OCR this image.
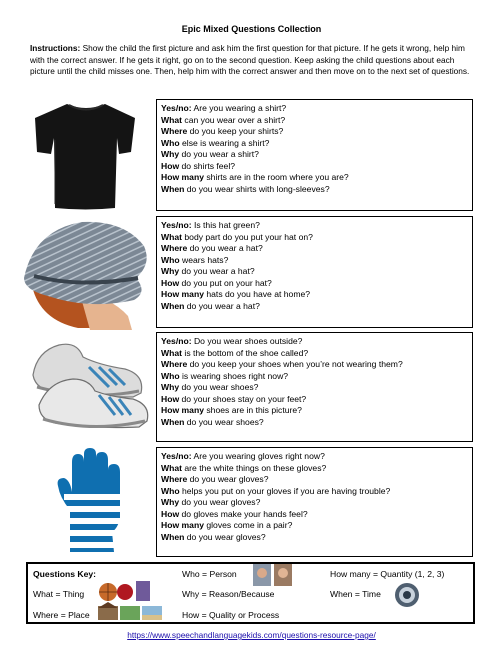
Epic Mixed Questions Collection
Instructions: Show the child the first picture and ask him the first question for that picture. If he gets it wrong, help him with the correct answer. If he gets it right, go on to the second question. Keep asking the child questions about each picture until the child misses one. Then, help him with the correct answer and then move on to the next set of questions.
Yes/no: Are you wearing a shirt?
What can you wear over a shirt?
Where do you keep your shirts?
Who else is wearing a shirt?
Why do you wear a shirt?
How do shirts feel?
How many shirts are in the room where you are?
When do you wear shirts with long-sleeves?
Yes/no: Is this hat green?
What body part do you put your hat on?
Where do you wear a hat?
Who wears hats?
Why do you wear a hat?
How do you put on your hat?
How many hats do you have at home?
When do you wear a hat?
Yes/no: Do you wear shoes outside?
What is the bottom of the shoe called?
Where do you keep your shoes when you’re not wearing them?
Who is wearing shoes right now?
Why do you wear shoes?
How do your shoes stay on your feet?
How many shoes are in this picture?
When do you wear shoes?
Yes/no: Are you wearing gloves right now?
What are the white things on these gloves?
Where do you wear gloves?
Who helps you put on your gloves if you are having trouble?
Why do you wear gloves?
How do gloves make your hands feel?
How many gloves come in a pair?
When do you wear gloves?
Questions Key:
What = Thing
Where = Place
Who = Person
Why = Reason/Because
How = Quality or Process
How many = Quantity (1, 2, 3)
When = Time
https://www.speechandlanguagekids.com/questions-resource-page/
